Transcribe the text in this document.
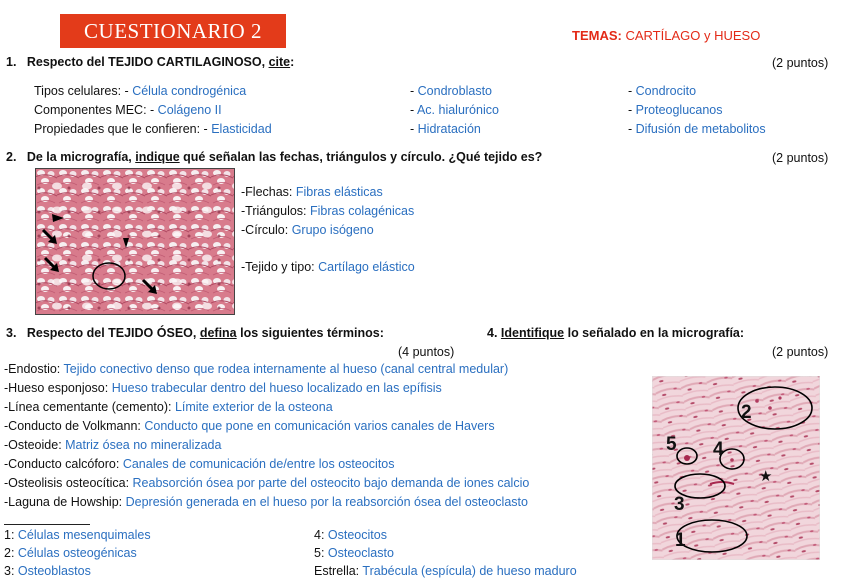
CUESTIONARIO 2	TEMAS: CARTÍLAGO y HUESO
1. Respecto del TEJIDO CARTILAGINOSO, cite:	(2 puntos)
Tipos celulares: - Célula condrogénica	- Condroblasto	- Condrocito
Componentes MEC: - Colágeno II	- Ac. hialurónico	- Proteoglucanos
Propiedades que le confieren: - Elasticidad	- Hidratación	- Difusión de metabolitos
2. De la micrografía, indique qué señalan las fechas, triángulos y círculo. ¿Qué tejido es?	(2 puntos)
-Flechas: Fibras elásticas
-Triángulos: Fibras colagénicas
-Círculo: Grupo isógeno
-Tejido y tipo: Cartílago elástico
3. Respecto del TEJIDO ÓSEO, defina los siguientes términos:
(4 puntos)
4. Identifique lo señalado en la micrografía:
(2 puntos)
-Endostio: Tejido conectivo denso que rodea internamente al hueso (canal central medular)
-Hueso esponjoso: Hueso trabecular dentro del hueso localizado en las epífisis
-Línea cementante (cemento): Límite exterior de la osteona
-Conducto de Volkmann: Conducto que pone en comunicación varios canales de Havers
-Osteoide: Matriz ósea no mineralizada
-Conducto calcóforo: Canales de comunicación de/entre los osteocitos
-Osteolisis osteocítica: Reabsorción ósea por parte del osteocito bajo demanda de iones calcio
-Laguna de Howship: Depresión generada en el hueso por la reabsorción ósea del osteoclasto
1: Células mesenquimales
2: Células osteogénicas
3: Osteoblastos
4: Osteocitos
5: Osteoclasto
Estrella: Trabécula (espícula) de hueso maduro
2
4
5
3
1
★
